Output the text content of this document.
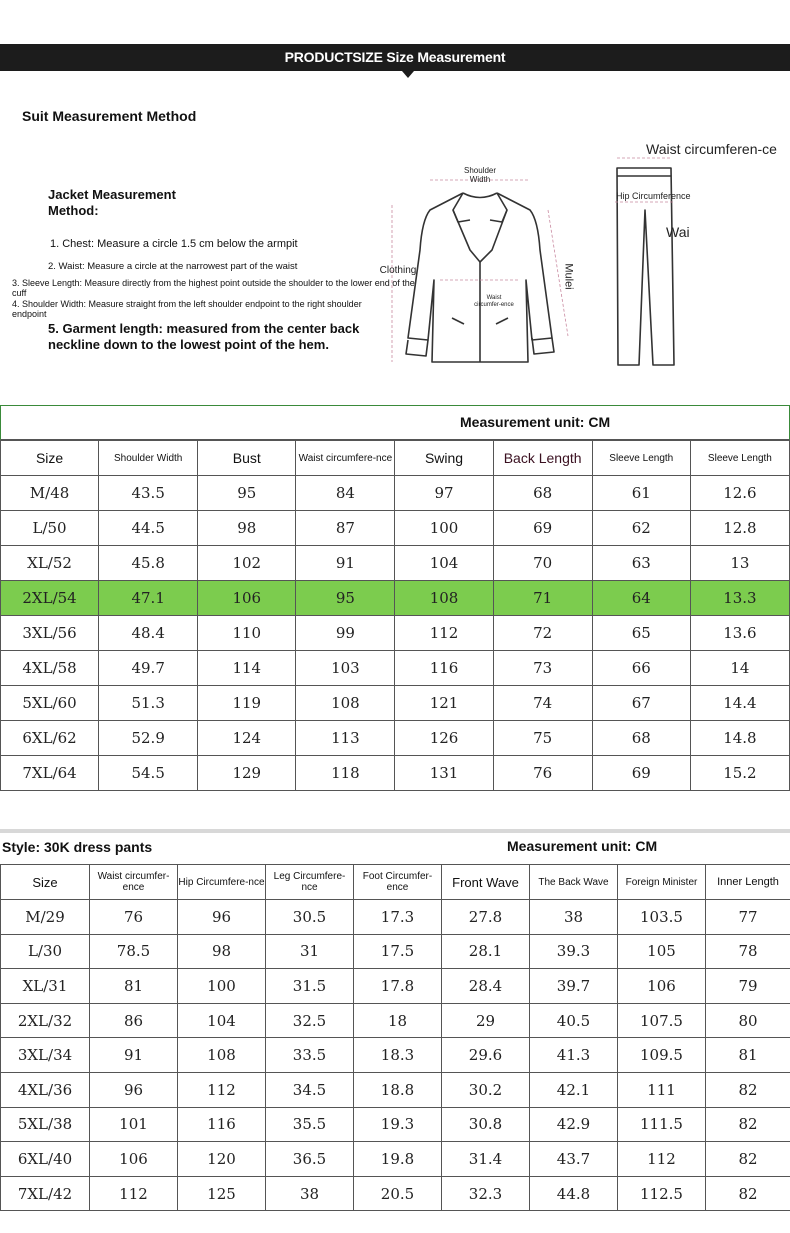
PRODUCTSIZE Size Measurement
Suit Measurement Method
Jacket Measurement Method:
1. Chest: Measure a circle 1.5 cm below the armpit
2. Waist: Measure a circle at the narrowest part of the waist
3. Sleeve Length: Measure directly from the highest point outside the shoulder to the lower end of the cuff
4. Shoulder Width: Measure straight from the left shoulder endpoint to the right shoulder endpoint
5. Garment length: measured from the center back neckline down to the lowest point of the hem.
Shoulder Width
Clothing	Mulei
Waist circumfer-ence
Waist circumferen-ce
Hip Circumference
Wai
Measurement unit: CM
Size	Shoulder Width	Bust	Waist circumfere-nce	Swing	Back Length	Sleeve Length	Sleeve Length
M/48	43.5	95	84	97	68	61	12.6
L/50	44.5	98	87	100	69	62	12.8
XL/52	45.8	102	91	104	70	63	13
2XL/54	47.1	106	95	108	71	64	13.3
3XL/56	48.4	110	99	112	72	65	13.6
4XL/58	49.7	114	103	116	73	66	14
5XL/60	51.3	119	108	121	74	67	14.4
6XL/62	52.9	124	113	126	75	68	14.8
7XL/64	54.5	129	118	131	76	69	15.2
Style: 30K dress pants	Measurement unit: CM
Size	Waist circumfer-ence	Hip Circumfere-nce	Leg Circumfere-nce	Foot Circumfer-ence	Front Wave	The Back Wave	Foreign Minister	Inner Length
M/29	76	96	30.5	17.3	27.8	38	103.5	77
L/30	78.5	98	31	17.5	28.1	39.3	105	78
XL/31	81	100	31.5	17.8	28.4	39.7	106	79
2XL/32	86	104	32.5	18	29	40.5	107.5	80
3XL/34	91	108	33.5	18.3	29.6	41.3	109.5	81
4XL/36	96	112	34.5	18.8	30.2	42.1	111	82
5XL/38	101	116	35.5	19.3	30.8	42.9	111.5	82
6XL/40	106	120	36.5	19.8	31.4	43.7	112	82
7XL/42	112	125	38	20.5	32.3	44.8	112.5	82
